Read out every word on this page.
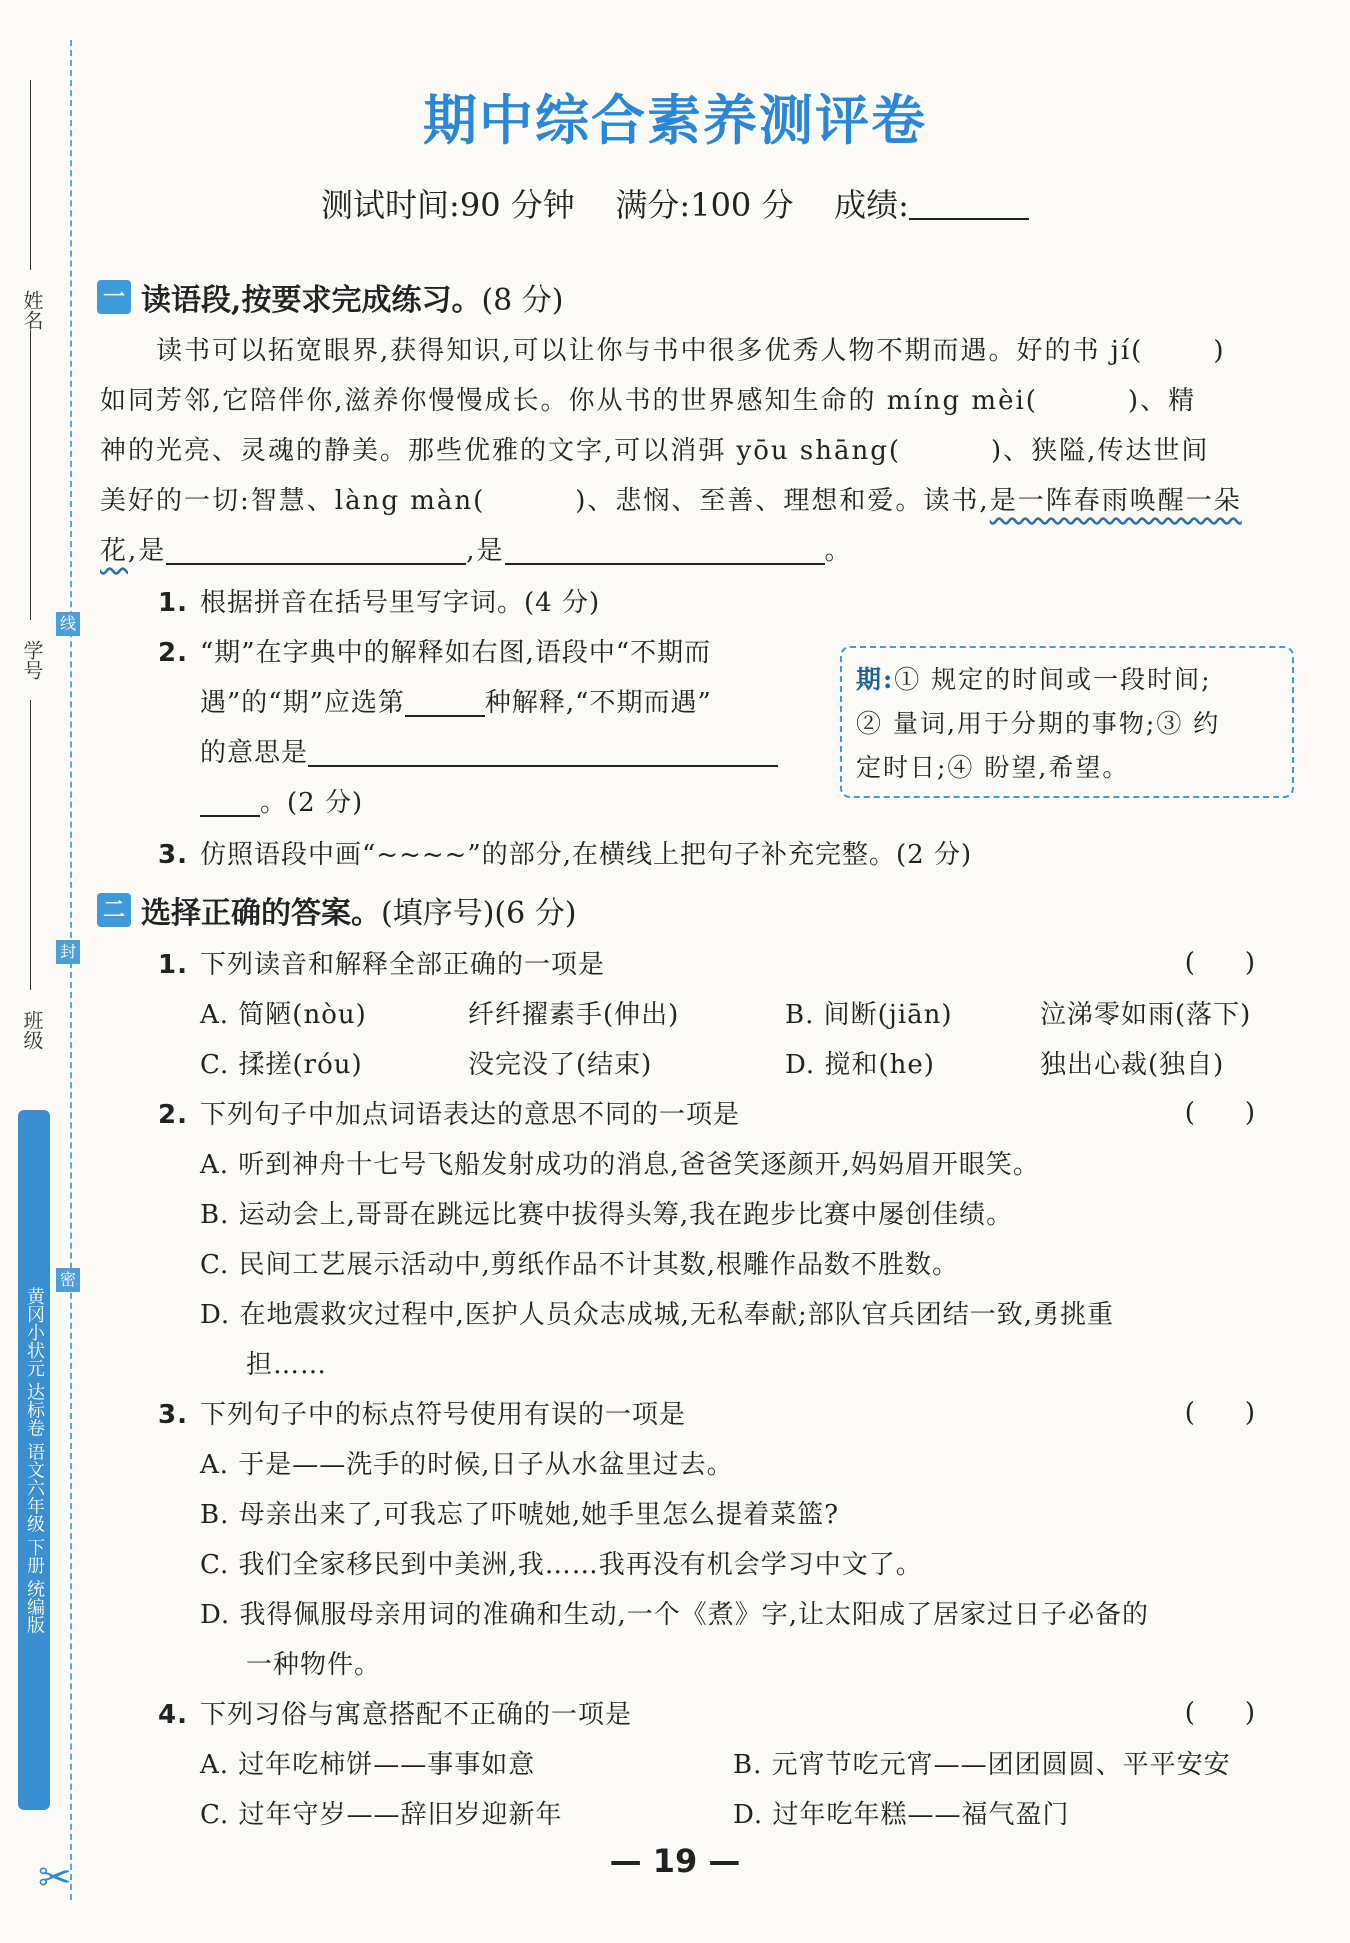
姓名
学号
班级
线
封
密
黄冈小状元 达标卷 语文六年级 下册 统编版
✂
期中综合素养测评卷
测试时间:90 分钟 满分:100 分 成绩:
一 读语段,按要求完成练习。(8 分)
读书可以拓宽眼界,获得知识,可以让你与书中很多优秀人物不期而遇。好的书 jí(	)
如同芳邻,它陪伴你,滋养你慢慢成长。你从书的世界感知生命的 míng mèi(	)、精
神的光亮、灵魂的静美。那些优雅的文字,可以消弭 yōu shāng(	)、狭隘,传达世间
美好的一切:智慧、làng màn(	)、悲悯、至善、理想和爱。读书,是一阵春雨唤醒一朵
花,是	,是	。
1. 根据拼音在括号里写字词。(4 分)
2. “期”在字典中的解释如右图,语段中“不期而
遇”的“期”应选第	种解释,“不期而遇”
的意思是
。(2 分)
期:① 规定的时间或一段时间;
② 量词,用于分期的事物;③ 约
定时日;④ 盼望,希望。
3. 仿照语段中画“~~~~”的部分,在横线上把句子补充完整。(2 分)
二 选择正确的答案。(填序号)(6 分)
1. 下列读音和解释全部正确的一项是	()
A. 简陋(nòu)	纤纤擢素手(伸出)	B. 间断(jiān)	泣涕零如雨(落下)
C. 揉搓(róu)	没完没了(结束)	D. 搅和(he)	独出心裁(独自)
2. 下列句子中加点词语表达的意思不同的一项是	()
A. 听到神舟十七号飞船发射成功的消息,爸爸笑逐颜开,妈妈眉开眼笑。
B. 运动会上,哥哥在跳远比赛中拔得头筹,我在跑步比赛中屡创佳绩。
C. 民间工艺展示活动中,剪纸作品不计其数,根雕作品数不胜数。
D. 在地震救灾过程中,医护人员众志成城,无私奉献;部队官兵团结一致,勇挑重
担……
3. 下列句子中的标点符号使用有误的一项是	()
A. 于是——洗手的时候,日子从水盆里过去。
B. 母亲出来了,可我忘了吓唬她,她手里怎么提着菜篮?
C. 我们全家移民到中美洲,我……我再没有机会学习中文了。
D. 我得佩服母亲用词的准确和生动,一个《煮》字,让太阳成了居家过日子必备的
一种物件。
4. 下列习俗与寓意搭配不正确的一项是	()
A. 过年吃柿饼——事事如意	B. 元宵节吃元宵——团团圆圆、平平安安
C. 过年守岁——辞旧岁迎新年	D. 过年吃年糕——福气盈门
— 19 —
